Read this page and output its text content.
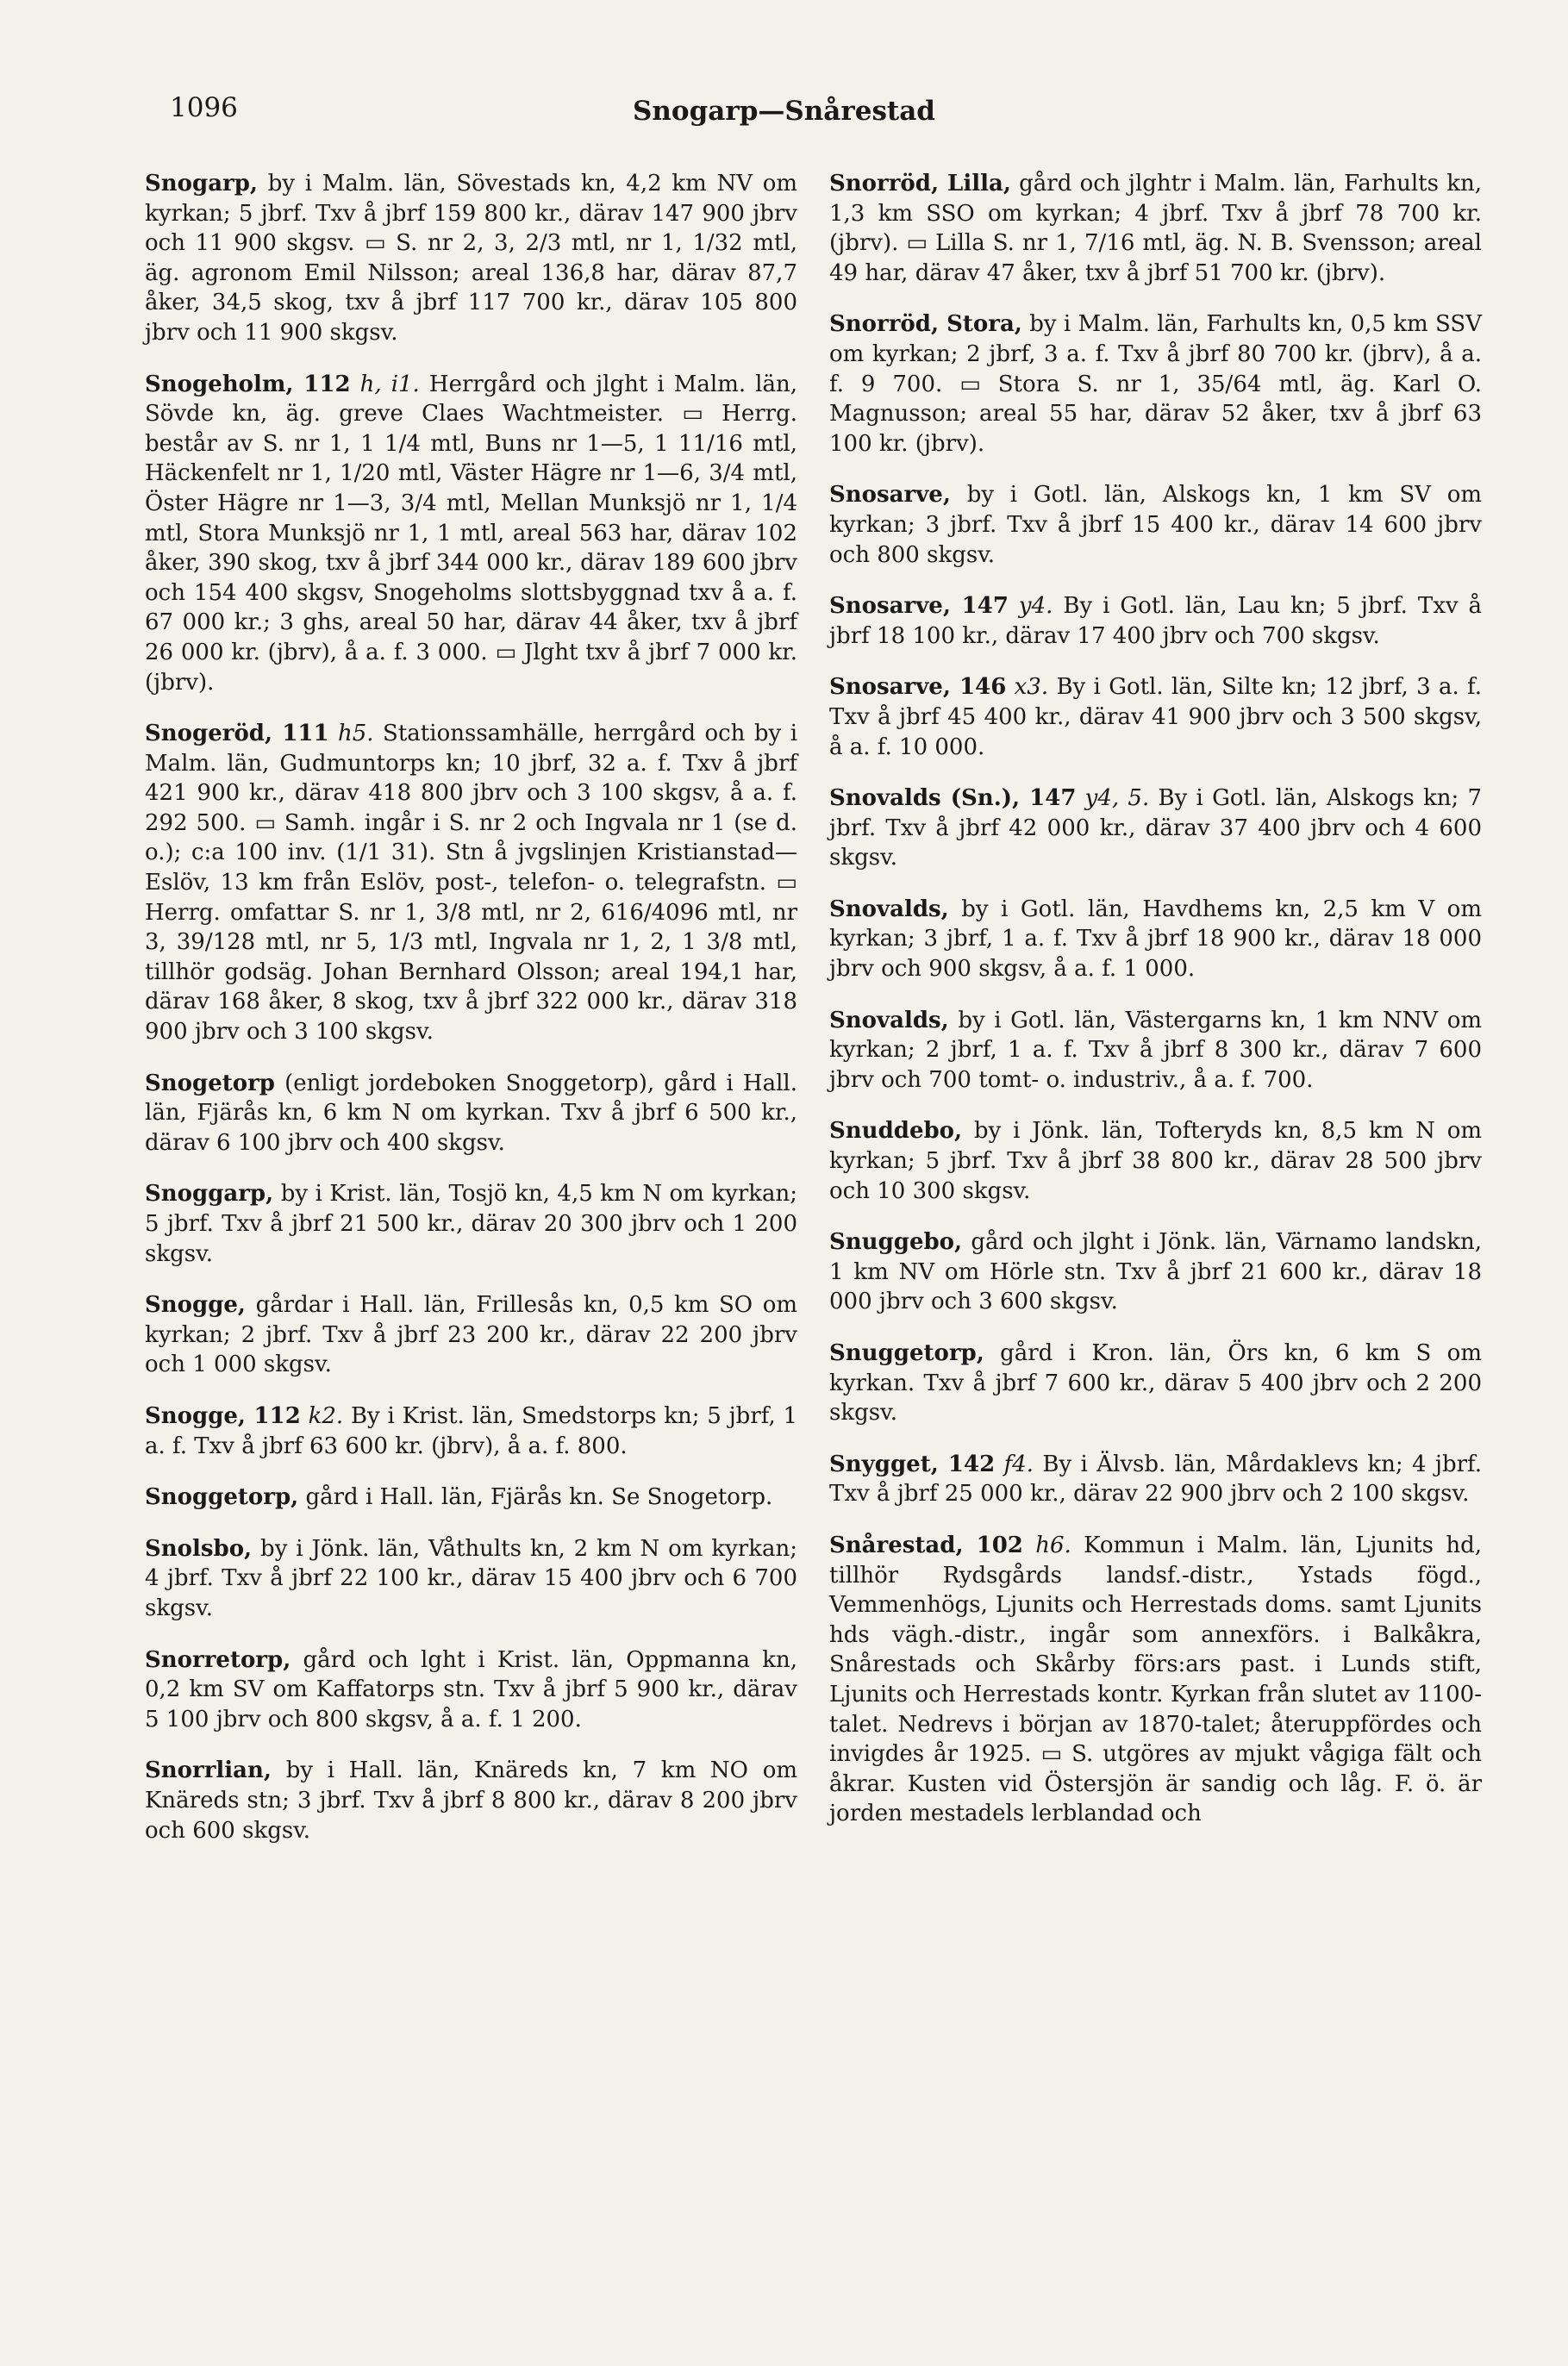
1096	Snogarp—Snårestad

Snogarp, by i Malm. län, Sövestads kn, 4,2 km NV om kyrkan; 5 jbrf. Txv å jbrf 159 800 kr., därav 147 900 jbrv och 11 900 skgsv. ▭ S. nr 2, 3, 2/3 mtl, nr 1, 1/32 mtl, äg. agronom Emil Nilsson; areal 136,8 har, därav 87,7 åker, 34,5 skog, txv å jbrf 117 700 kr., därav 105 800 jbrv och 11 900 skgsv.

Snogeholm, 112 h, i1. Herrgård och jlght i Malm. län, Sövde kn, äg. greve Claes Wachtmeister. ▭ Herrg. består av S. nr 1, 1 1/4 mtl, Buns nr 1—5, 1 11/16 mtl, Häckenfelt nr 1, 1/20 mtl, Väster Hägre nr 1—6, 3/4 mtl, Öster Hägre nr 1—3, 3/4 mtl, Mellan Munksjö nr 1, 1/4 mtl, Stora Munksjö nr 1, 1 mtl, areal 563 har, därav 102 åker, 390 skog, txv å jbrf 344 000 kr., därav 189 600 jbrv och 154 400 skgsv, Snogeholms slottsbyggnad txv å a. f. 67 000 kr.; 3 ghs, areal 50 har, därav 44 åker, txv å jbrf 26 000 kr. (jbrv), å a. f. 3 000. ▭ Jlght txv å jbrf 7 000 kr. (jbrv).

Snogeröd, 111 h5. Stationssamhälle, herrgård och by i Malm. län, Gudmuntorps kn; 10 jbrf, 32 a. f. Txv å jbrf 421 900 kr., därav 418 800 jbrv och 3 100 skgsv, å a. f. 292 500. ▭ Samh. ingår i S. nr 2 och Ingvala nr 1 (se d. o.); c:a 100 inv. (1/1 31). Stn å jvgslinjen Kristianstad—Eslöv, 13 km från Eslöv, post-, telefon- o. telegrafstn. ▭ Herrg. omfattar S. nr 1, 3/8 mtl, nr 2, 616/4096 mtl, nr 3, 39/128 mtl, nr 5, 1/3 mtl, Ingvala nr 1, 2, 1 3/8 mtl, tillhör godsäg. Johan Bernhard Olsson; areal 194,1 har, därav 168 åker, 8 skog, txv å jbrf 322 000 kr., därav 318 900 jbrv och 3 100 skgsv.

Snogetorp (enligt jordeboken Snoggetorp), gård i Hall. län, Fjärås kn, 6 km N om kyrkan. Txv å jbrf 6 500 kr., därav 6 100 jbrv och 400 skgsv.

Snoggarp, by i Krist. län, Tosjö kn, 4,5 km N om kyrkan; 5 jbrf. Txv å jbrf 21 500 kr., därav 20 300 jbrv och 1 200 skgsv.

Snogge, gårdar i Hall. län, Frillesås kn, 0,5 km SO om kyrkan; 2 jbrf. Txv å jbrf 23 200 kr., därav 22 200 jbrv och 1 000 skgsv.

Snogge, 112 k2. By i Krist. län, Smedstorps kn; 5 jbrf, 1 a. f. Txv å jbrf 63 600 kr. (jbrv), å a. f. 800.

Snoggetorp, gård i Hall. län, Fjärås kn. Se Snogetorp.

Snolsbo, by i Jönk. län, Våthults kn, 2 km N om kyrkan; 4 jbrf. Txv å jbrf 22 100 kr., därav 15 400 jbrv och 6 700 skgsv.

Snorretorp, gård och lght i Krist. län, Oppmanna kn, 0,2 km SV om Kaffatorps stn. Txv å jbrf 5 900 kr., därav 5 100 jbrv och 800 skgsv, å a. f. 1 200.

Snorrlian, by i Hall. län, Knäreds kn, 7 km NO om Knäreds stn; 3 jbrf. Txv å jbrf 8 800 kr., därav 8 200 jbrv och 600 skgsv.

Snorröd, Lilla, gård och jlghtr i Malm. län, Farhults kn, 1,3 km SSO om kyrkan; 4 jbrf. Txv å jbrf 78 700 kr. (jbrv). ▭ Lilla S. nr 1, 7/16 mtl, äg. N. B. Svensson; areal 49 har, därav 47 åker, txv å jbrf 51 700 kr. (jbrv).

Snorröd, Stora, by i Malm. län, Farhults kn, 0,5 km SSV om kyrkan; 2 jbrf, 3 a. f. Txv å jbrf 80 700 kr. (jbrv), å a. f. 9 700. ▭ Stora S. nr 1, 35/64 mtl, äg. Karl O. Magnusson; areal 55 har, därav 52 åker, txv å jbrf 63 100 kr. (jbrv).

Snosarve, by i Gotl. län, Alskogs kn, 1 km SV om kyrkan; 3 jbrf. Txv å jbrf 15 400 kr., därav 14 600 jbrv och 800 skgsv.

Snosarve, 147 y4. By i Gotl. län, Lau kn; 5 jbrf. Txv å jbrf 18 100 kr., därav 17 400 jbrv och 700 skgsv.

Snosarve, 146 x3. By i Gotl. län, Silte kn; 12 jbrf, 3 a. f. Txv å jbrf 45 400 kr., därav 41 900 jbrv och 3 500 skgsv, å a. f. 10 000.

Snovalds (Sn.), 147 y4, 5. By i Gotl. län, Alskogs kn; 7 jbrf. Txv å jbrf 42 000 kr., därav 37 400 jbrv och 4 600 skgsv.

Snovalds, by i Gotl. län, Havdhems kn, 2,5 km V om kyrkan; 3 jbrf, 1 a. f. Txv å jbrf 18 900 kr., därav 18 000 jbrv och 900 skgsv, å a. f. 1 000.

Snovalds, by i Gotl. län, Västergarns kn, 1 km NNV om kyrkan; 2 jbrf, 1 a. f. Txv å jbrf 8 300 kr., därav 7 600 jbrv och 700 tomt- o. industriv., å a. f. 700.

Snuddebo, by i Jönk. län, Tofteryds kn, 8,5 km N om kyrkan; 5 jbrf. Txv å jbrf 38 800 kr., därav 28 500 jbrv och 10 300 skgsv.

Snuggebo, gård och jlght i Jönk. län, Värnamo landskn, 1 km NV om Hörle stn. Txv å jbrf 21 600 kr., därav 18 000 jbrv och 3 600 skgsv.

Snuggetorp, gård i Kron. län, Örs kn, 6 km S om kyrkan. Txv å jbrf 7 600 kr., därav 5 400 jbrv och 2 200 skgsv.

Snygget, 142 f4. By i Älvsb. län, Mårdaklevs kn; 4 jbrf. Txv å jbrf 25 000 kr., därav 22 900 jbrv och 2 100 skgsv.

Snårestad, 102 h6. Kommun i Malm. län, Ljunits hd, tillhör Rydsgårds landsf.-distr., Ystads fögd., Vemmenhögs, Ljunits och Herrestads doms. samt Ljunits hds vägh.-distr., ingår som annexförs. i Balkåkra, Snårestads och Skårby förs:ars past. i Lunds stift, Ljunits och Herrestads kontr. Kyrkan från slutet av 1100-talet. Nedrevs i början av 1870-talet; återuppfördes och invigdes år 1925. ▭ S. utgöres av mjukt vågiga fält och åkrar. Kusten vid Östersjön är sandig och låg. F. ö. är jorden mestadels lerblandad och
